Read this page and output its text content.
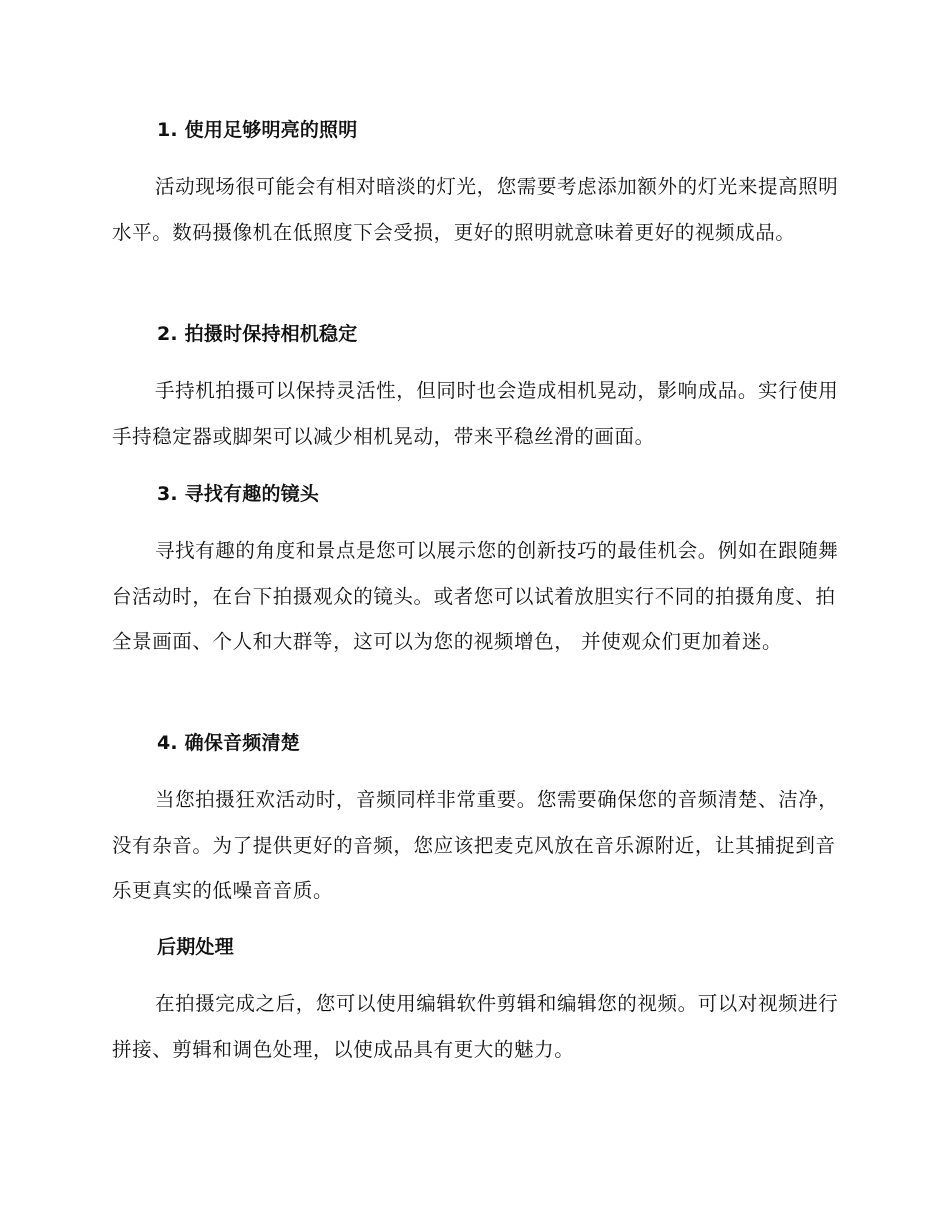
1. 使用足够明亮的照明
活动现场很可能会有相对暗淡的灯光，您需要考虑添加额外的灯光来提高照明水平。数码摄像机在低照度下会受损，更好的照明就意味着更好的视频成品。
2. 拍摄时保持相机稳定
手持机拍摄可以保持灵活性，但同时也会造成相机晃动，影响成品。实行使用手持稳定器或脚架可以减少相机晃动，带来平稳丝滑的画面。
3. 寻找有趣的镜头
寻找有趣的角度和景点是您可以展示您的创新技巧的最佳机会。例如在跟随舞台活动时，在台下拍摄观众的镜头。或者您可以试着放胆实行不同的拍摄角度、拍全景画面、个人和大群等，这可以为您的视频增色， 并使观众们更加着迷。
4. 确保音频清楚
当您拍摄狂欢活动时，音频同样非常重要。您需要确保您的音频清楚、洁净，没有杂音。为了提供更好的音频，您应该把麦克风放在音乐源附近，让其捕捉到音乐更真实的低噪音音质。
后期处理
在拍摄完成之后，您可以使用编辑软件剪辑和编辑您的视频。可以对视频进行拼接、剪辑和调色处理，以使成品具有更大的魅力。
